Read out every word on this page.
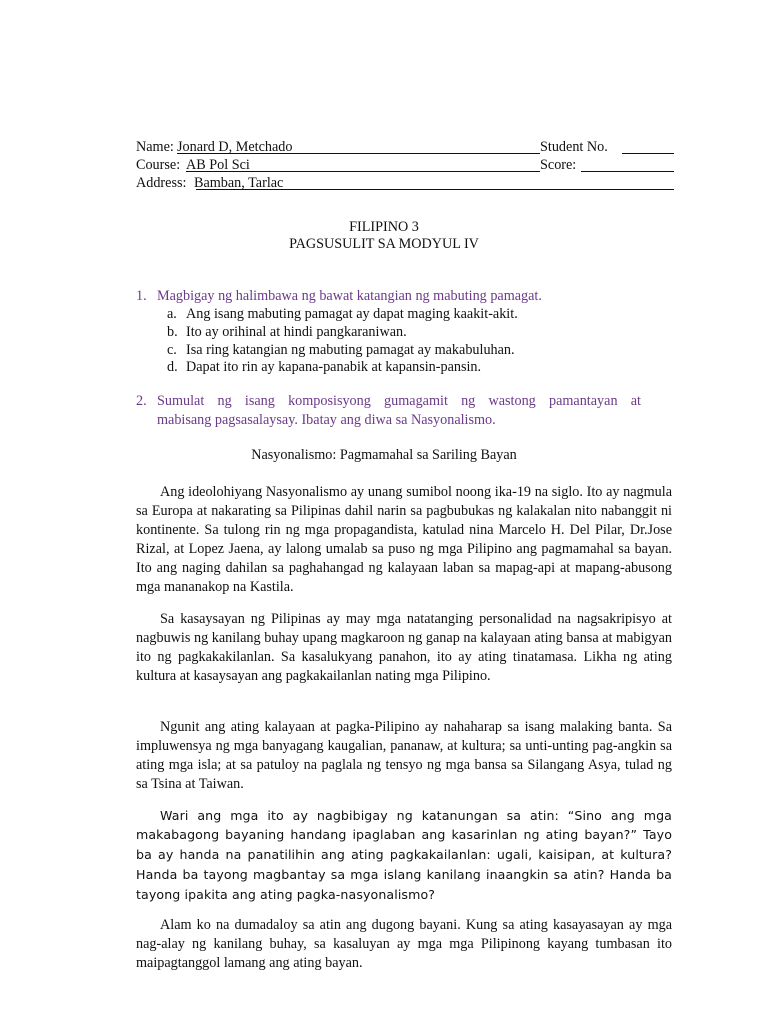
Name: Jonard D, Metchado	Student No.
Course: AB Pol Sci	Score:
Address: Bamban, Tarlac
FILIPINO 3
PAGSUSULIT SA MODYUL IV
1. Magbigay ng halimbawa ng bawat katangian ng mabuting pamagat.
a. Ang isang mabuting pamagat ay dapat maging kaakit-akit.
b. Ito ay orihinal at hindi pangkaraniwan.
c. Isa ring katangian ng mabuting pamagat ay makabuluhan.
d. Dapat ito rin ay kapana-panabik at kapansin-pansin.
2. Sumulat ng isang komposisyong gumagamit ng wastong pamantayan at
mabisang pagsasalaysay. Ibatay ang diwa sa Nasyonalismo.
Nasyonalismo: Pagmamahal sa Sariling Bayan

Ang ideolohiyang Nasyonalismo ay unang sumibol noong ika-19 na siglo. Ito ay nagmula sa Europa at nakarating sa Pilipinas dahil narin sa pagbubukas ng kalakalan nito nabanggit ni kontinente. Sa tulong rin ng mga propagandista, katulad nina Marcelo H. Del Pilar, Dr.Jose Rizal, at Lopez Jaena, ay lalong umalab sa puso ng mga Pilipino ang pagmamahal sa bayan. Ito ang naging dahilan sa paghahangad ng kalayaan laban sa mapag-api at mapang-abusong mga mananakop na Kastila.

Sa kasaysayan ng Pilipinas ay may mga natatanging personalidad na nagsakripisyo at nagbuwis ng kanilang buhay upang magkaroon ng ganap na kalayaan ating bansa at mabigyan ito ng pagkakakilanlan. Sa kasalukyang panahon, ito ay ating tinatamasa. Likha ng ating kultura at kasaysayan ang pagkakailanlan nating mga Pilipino.

Ngunit ang ating kalayaan at pagka-Pilipino ay nahaharap sa isang malaking banta. Sa impluwensya ng mga banyagang kaugalian, pananaw, at kultura; sa unti-unting pag-angkin sa ating mga isla; at sa patuloy na paglala ng tensyo ng mga bansa sa Silangang Asya, tulad ng sa Tsina at Taiwan.

Wari ang mga ito ay nagbibigay ng katanungan sa atin: “Sino ang mga

makabagong bayaning handang ipaglaban ang kasarinlan ng ating bayan?” Tayo ba ay handa na panatilihin ang ating pagkakailanlan: ugali, kaisipan, at kultura? Handa ba tayong magbantay sa mga islang kanilang inaangkin sa atin? Handa ba tayong ipakita ang ating pagka-nasyonalismo?

Alam ko na dumadaloy sa atin ang dugong bayani. Kung sa ating kasayasayan ay mga nag-alay ng kanilang buhay, sa kasaluyan ay mga mga Pilipinong kayang tumbasan ito maipagtanggol lamang ang ating bayan.
